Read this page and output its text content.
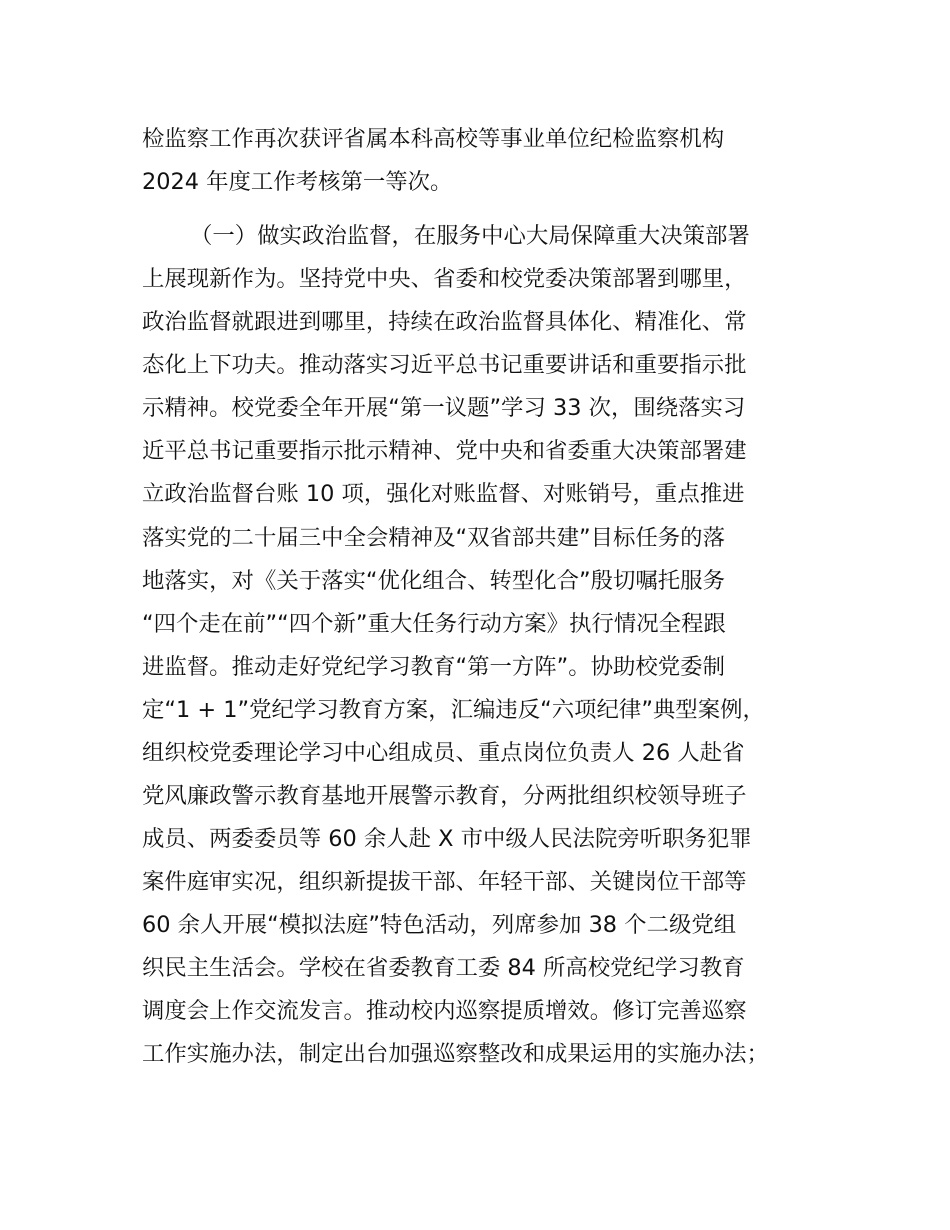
检监察工作再次获评省属本科高校等事业单位纪检监察机构
2024 年度工作考核第一等次。
（一）做实政治监督，在服务中心大局保障重大决策部署
上展现新作为。坚持党中央、省委和校党委决策部署到哪里，
政治监督就跟进到哪里，持续在政治监督具体化、精准化、常
态化上下功夫。推动落实习近平总书记重要讲话和重要指示批
示精神。校党委全年开展“第一议题”学习 33 次，围绕落实习
近平总书记重要指示批示精神、党中央和省委重大决策部署建
立政治监督台账 10 项，强化对账监督、对账销号，重点推进
落实党的二十届三中全会精神及“双省部共建”目标任务的落
地落实，对《关于落实“优化组合、转型化合”殷切嘱托服务
“四个走在前”“四个新”重大任务行动方案》执行情况全程跟
进监督。推动走好党纪学习教育“第一方阵”。协助校党委制
定“1 + 1”党纪学习教育方案，汇编违反“六项纪律”典型案例，
组织校党委理论学习中心组成员、重点岗位负责人 26 人赴省
党风廉政警示教育基地开展警示教育，分两批组织校领导班子
成员、两委委员等 60 余人赴 X 市中级人民法院旁听职务犯罪
案件庭审实况，组织新提拔干部、年轻干部、关键岗位干部等
60 余人开展“模拟法庭”特色活动，列席参加 38 个二级党组
织民主生活会。学校在省委教育工委 84 所高校党纪学习教育
调度会上作交流发言。推动校内巡察提质增效。修订完善巡察
工作实施办法，制定出台加强巡察整改和成果运用的实施办法；
